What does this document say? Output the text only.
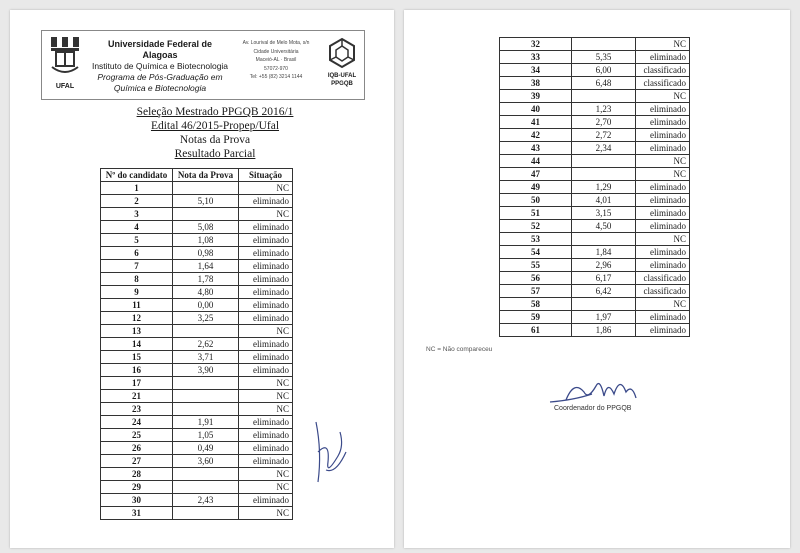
UFAL
Universidade Federal de Alagoas
Instituto de Química e Biotecnologia
Programa de Pós-Graduação em
Química e Biotecnologia
Av. Lourival de Melo Mota, s/n
Cidade Universitária
Maceió-AL · Brasil
57072-970
Tel: +55 (82) 3214 1144	IQB-UFAL
PPGQB
Seleção Mestrado PPGQB 2016/1
Edital 46/2015-Propep/Ufal
Notas da Prova
Resultado Parcial
Nº do candidato	Nota da Prova	Situação
1		NC
2	5,10	eliminado
3		NC
4	5,08	eliminado
5	1,08	eliminado
6	0,98	eliminado
7	1,64	eliminado
8	1,78	eliminado
9	4,80	eliminado
11	0,00	eliminado
12	3,25	eliminado
13		NC
14	2,62	eliminado
15	3,71	eliminado
16	3,90	eliminado
17		NC
21		NC
23		NC
24	1,91	eliminado
25	1,05	eliminado
26	0,49	eliminado
27	3,60	eliminado
28		NC
29		NC
30	2,43	eliminado
31		NC
32		NC
33	5,35	eliminado
34	6,00	classificado
38	6,48	classificado
39		NC
40	1,23	eliminado
41	2,70	eliminado
42	2,72	eliminado
43	2,34	eliminado
44		NC
47		NC
49	1,29	eliminado
50	4,01	eliminado
51	3,15	eliminado
52	4,50	eliminado
53		NC
54	1,84	eliminado
55	2,96	eliminado
56	6,17	classificado
57	6,42	classificado
58		NC
59	1,97	eliminado
61	1,86	eliminado
NC = Não compareceu
Coordenador do PPGQB
